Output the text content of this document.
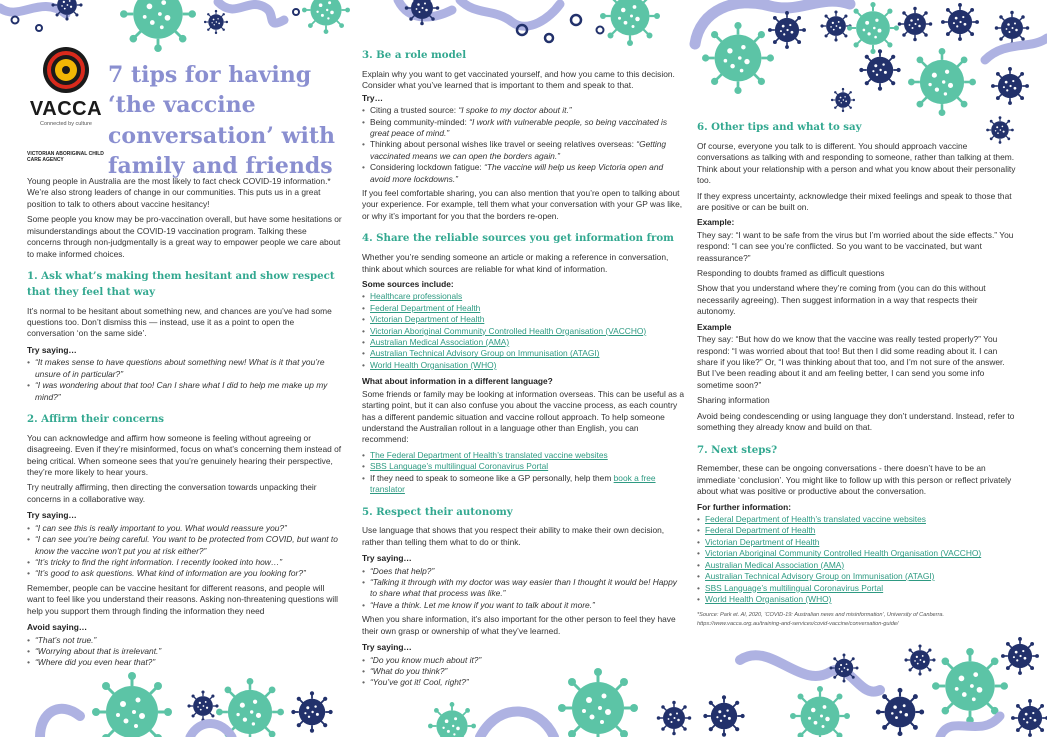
VACCA
Connected by culture
VICTORIAN ABORIGINAL CHILD CARE AGENCY
7 tips for having ‘the vaccine conversation’ with family and friends

Young people in Australia are the most likely to fact check COVID-19 information.* We’re also strong leaders of change in our communities. This puts us in a great position to talk to others about vaccine hesitancy!

Some people you know may be pro-vaccination overall, but have some hesitations or misunderstandings about the COVID-19 vaccination program. Talking these concerns through non-judgmentally is a great way to empower people we care about to make informed choices.

1. Ask what’s making them hesitant and show respect that they feel that way

It’s normal to be hesitant about something new, and chances are you’ve had some questions too. Don’t dismiss this — instead, use it as a point to open the conversation ‘on the same side’.

Try saying…
• “It makes sense to have questions about something new! What is it that you’re unsure of in particular?”
• “I was wondering about that too! Can I share what I did to help me make up my mind?”
2. Affirm their concerns

You can acknowledge and affirm how someone is feeling without agreeing or disagreeing. Even if they’re misinformed, focus on what’s concerning them instead of being critical. When someone sees that you’re genuinely hearing their perspective, they’re more likely to hear yours.

Try neutrally affirming, then directing the conversation towards unpacking their concerns in a collaborative way.

Try saying…
• “I can see this is really important to you. What would reassure you?”
• “I can see you’re being careful. You want to be protected from COVID, but want to know the vaccine won’t put you at risk either?”
• “It’s tricky to find the right information. I recently looked into how…”
• “It’s good to ask questions. What kind of information are you looking for?”

Remember, people can be vaccine hesitant for different reasons, and people will want to feel like you understand their reasons. Asking non-threatening questions will help you support them through finding the information they need

Avoid saying…
• “That’s not true.”
• “Worrying about that is irrelevant.”
• “Where did you even hear that?”
3. Be a role model

Explain why you want to get vaccinated yourself, and how you came to this decision. Consider what you’ve learned that is important to them and speak to that.

Try…
• Citing a trusted source: “I spoke to my doctor about it.”
• Being community-minded: “I work with vulnerable people, so being vaccinated is great peace of mind.”
• Thinking about personal wishes like travel or seeing relatives overseas: “Getting vaccinated means we can open the borders again.”
• Considering lockdown fatigue: “The vaccine will help us keep Victoria open and avoid more lockdowns.”

If you feel comfortable sharing, you can also mention that you’re open to talking about your experience. For example, tell them what your conversation with your GP was like, or why it’s important for you that the borders re-open.

4. Share the reliable sources you get information from

Whether you’re sending someone an article or making a reference in conversation, think about which sources are reliable for what kind of information.

Some sources include:
• Healthcare professionals
• Federal Department of Health
• Victorian Department of Health
• Victorian Aboriginal Community Controlled Health Organisation (VACCHO)
• Australian Medical Association (AMA)
• Australian Technical Advisory Group on Immunisation (ATAGI)
• World Health Organisation (WHO)
What about information in a different language?

Some friends or family may be looking at information overseas. This can be useful as a starting point, but it can also confuse you about the vaccine process, as each country has a different pandemic situation and vaccine rollout approach. To help someone understand the Australian rollout in a language other than English, you can recommend:

• The Federal Department of Health’s translated vaccine websites
• SBS Language’s multilingual Coronavirus Portal
• If they need to speak to someone like a GP personally, help them book a free translator
5. Respect their autonomy

Use language that shows that you respect their ability to make their own decision, rather than telling them what to do or think.

Try saying…
• “Does that help?”
• “Talking it through with my doctor was way easier than I thought it would be! Happy to share what that process was like.”
• “Have a think. Let me know if you want to talk about it more.”

When you share information, it’s also important for the other person to feel they have their own grasp or ownership of what they’ve learned.

Try saying…
• “Do you know much about it?”
• “What do you think?”
• “You’ve got it! Cool, right?”
6. Other tips and what to say

Of course, everyone you talk to is different. You should approach vaccine conversations as talking with and responding to someone, rather than talking at them. Think about your relationship with a person and what you know about their personality too.

If they express uncertainty, acknowledge their mixed feelings and speak to those that are positive or can be built on.

Example:

They say: “I want to be safe from the virus but I’m worried about the side effects.” You respond: “I can see you’re conflicted. So you want to be vaccinated, but want reassurance?”

Responding to doubts framed as difficult questions

Show that you understand where they’re coming from (you can do this without necessarily agreeing). Then suggest information in a way that respects their autonomy.

Example

They say: “But how do we know that the vaccine was really tested properly?” You respond: “I was worried about that too! But then I did some reading about it. I can share if you like?” Or, “I was thinking about that too, and I’m not sure of the answer. But I’ve been reading about it and am feeling better, I can send you some info sometime soon?”

Sharing information

Avoid being condescending or using language they don’t understand. Instead, refer to something they already know and build on that.

7. Next steps?

Remember, these can be ongoing conversations - there doesn’t have to be an immediate ‘conclusion’. You might like to follow up with this person or reflect privately about what was positive or productive about the conversation.

For further information:
• Federal Department of Health’s translated vaccine websites
• Federal Department of Health
• Victorian Department of Health
• Victorian Aboriginal Community Controlled Health Organisation (VACCHO)
• Australian Medical Association (AMA)
• Australian Technical Advisory Group on Immunisation (ATAGI)
• SBS Language’s multilingual Coronavirus Portal
• World Health Organisation (WHO)
*Source: Park et. Al, 2020, ‘COVID-19: Australian news and misinformation’, University of Canberra.
https://www.vacca.org.au/training-and-services/covid-vaccine/conversation-guide/
